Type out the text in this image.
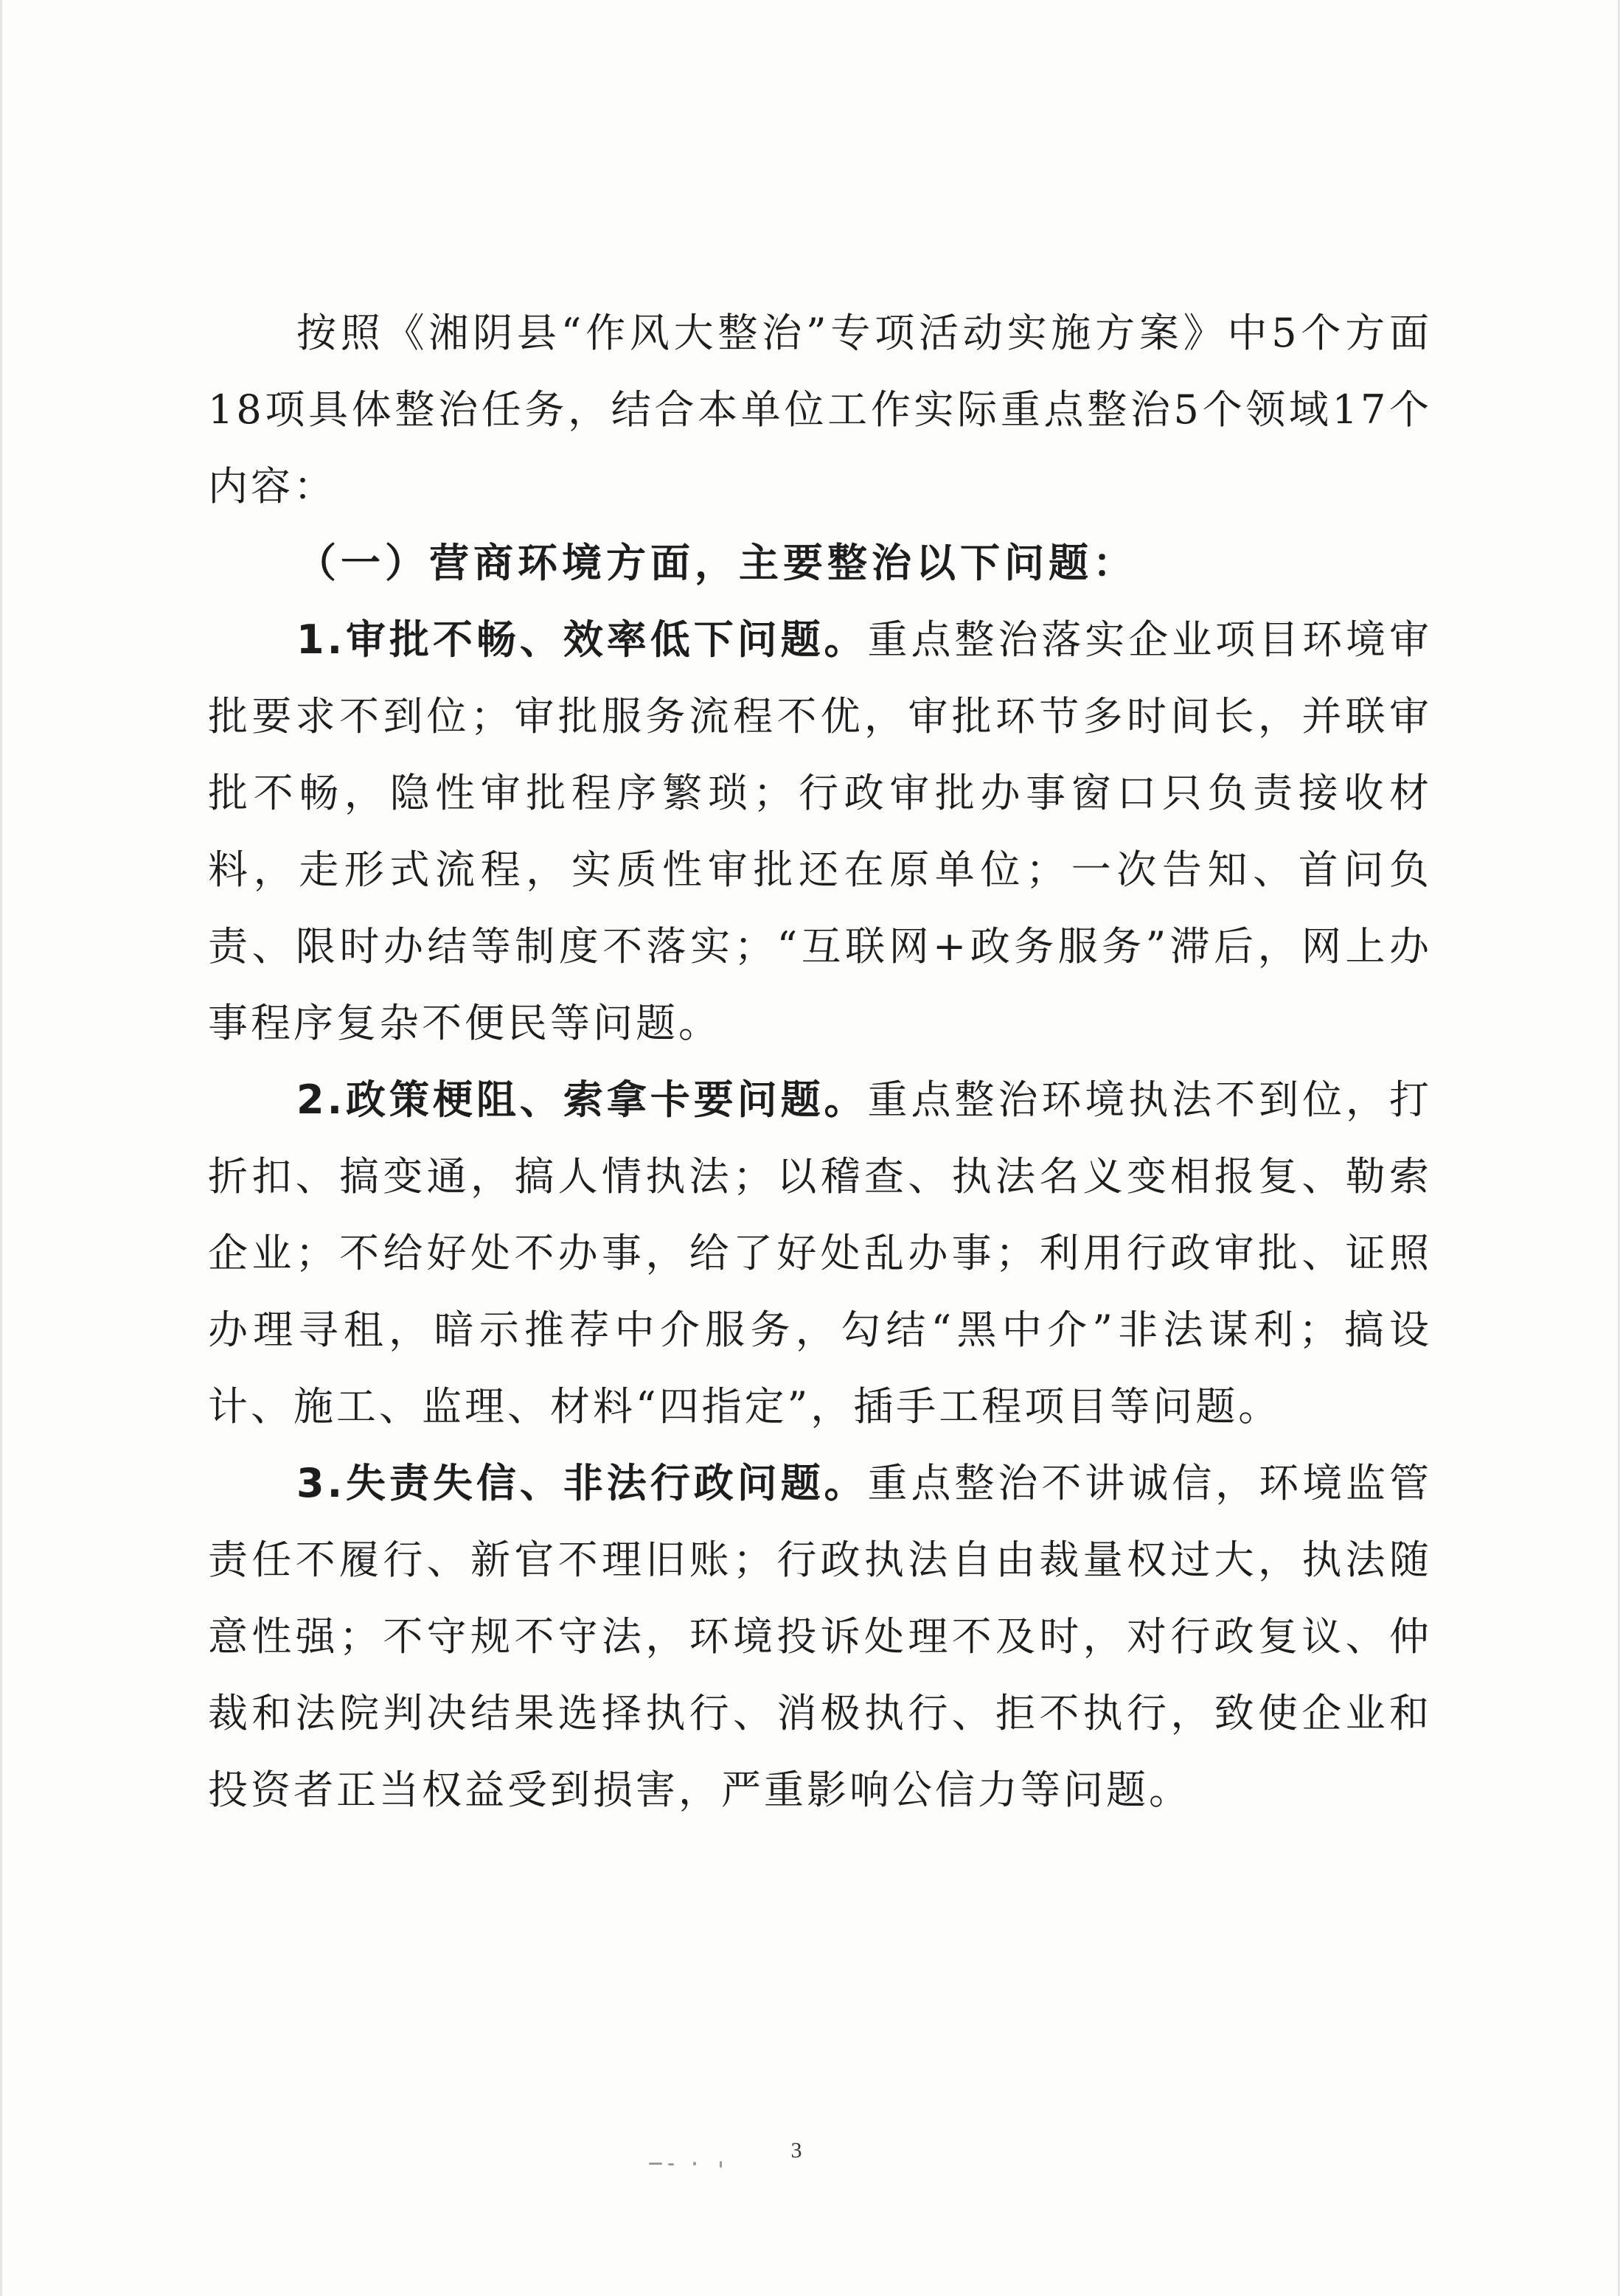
按照《湘阴县“作风大整治”专项活动实施方案》中5个方面18项具体整治任务，结合本单位工作实际重点整治5个领域17个内容：

（一）营商环境方面，主要整治以下问题：

1.审批不畅、效率低下问题。重点整治落实企业项目环境审批要求不到位；审批服务流程不优，审批环节多时间长，并联审批不畅，隐性审批程序繁琐；行政审批办事窗口只负责接收材料，走形式流程，实质性审批还在原单位；一次告知、首问负责、限时办结等制度不落实；“互联网+政务服务”滞后，网上办事程序复杂不便民等问题。

2.政策梗阻、索拿卡要问题。重点整治环境执法不到位，打折扣、搞变通，搞人情执法；以稽查、执法名义变相报复、勒索企业；不给好处不办事，给了好处乱办事；利用行政审批、证照办理寻租，暗示推荐中介服务，勾结“黑中介”非法谋利；搞设计、施工、监理、材料“四指定”，插手工程项目等问题。

3.失责失信、非法行政问题。重点整治不讲诚信，环境监管责任不履行、新官不理旧账；行政执法自由裁量权过大，执法随意性强；不守规不守法，环境投诉处理不及时，对行政复议、仲裁和法院判决结果选择执行、消极执行、拒不执行，致使企业和投资者正当权益受到损害，严重影响公信力等问题。

3
